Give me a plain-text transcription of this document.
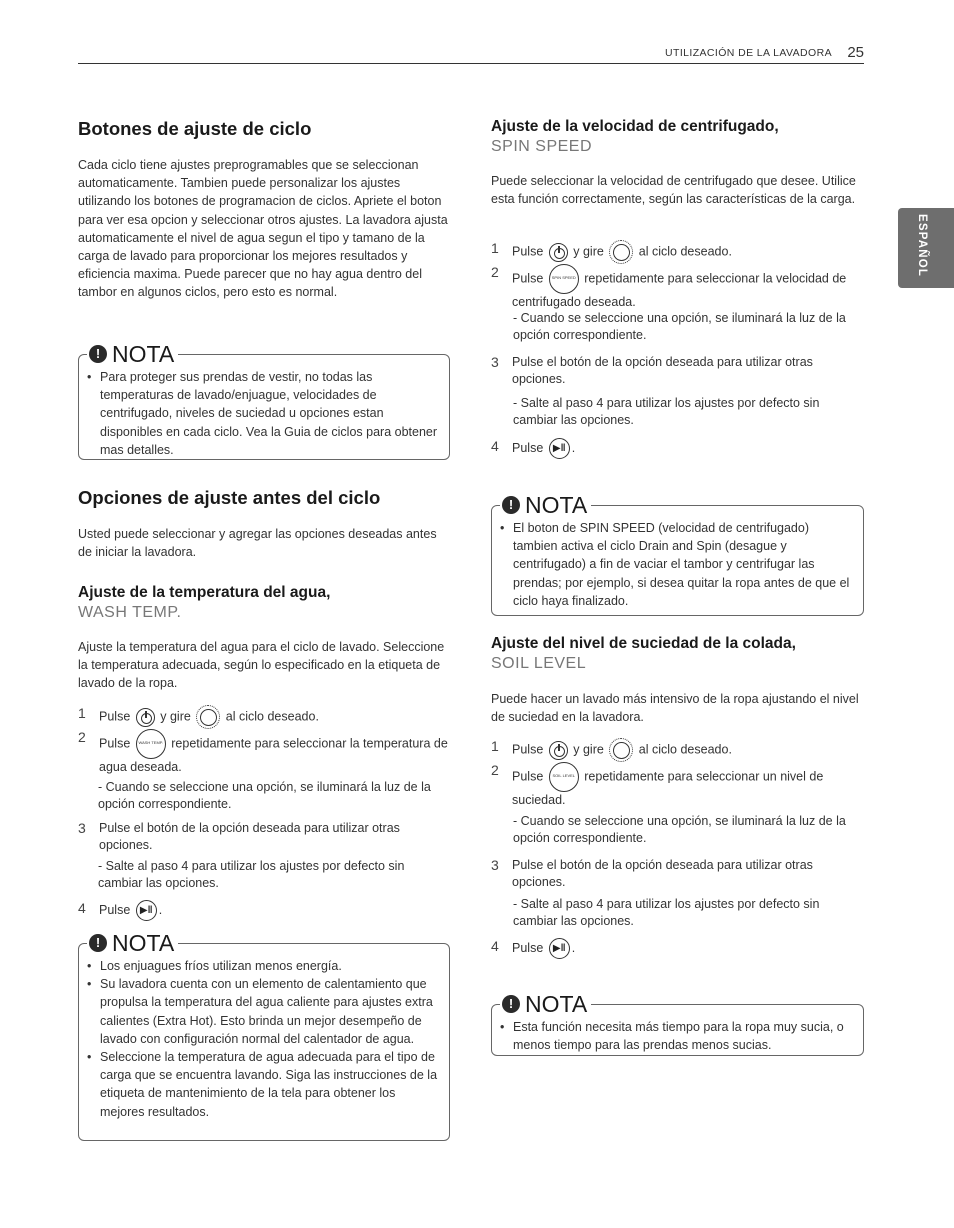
UTILIZACIÓN DE LA LAVADORA 25
ESPAÑOL
Botones de ajuste de ciclo
Cada ciclo tiene ajustes preprogramables que se seleccionan automaticamente. Tambien puede personalizar los ajustes utilizando los botones de programacion de ciclos. Apriete el boton para ver esa opcion y seleccionar otros ajustes. La lavadora ajusta automaticamente el nivel de agua segun el tipo y tamano de la carga de lavado para proporcionar los mejores resultados y eficiencia maxima. Puede parecer que no hay agua dentro del tambor en algunos ciclos, pero esto es normal.
! NOTA
• Para proteger sus prendas de vestir, no todas las temperaturas de lavado/enjuague, velocidades de centrifugado, niveles de suciedad u opciones estan disponibles en cada ciclo. Vea la Guia de ciclos para obtener mas detalles.
Opciones de ajuste antes del ciclo
Usted puede seleccionar y agregar las opciones deseadas antes de iniciar la lavadora.
Ajuste de la temperatura del agua,
WASH TEMP.
Ajuste la temperatura del agua para el ciclo de lavado. Seleccione la temperatura adecuada, según lo especificado en la etiqueta de lavado de la ropa.
1 Pulse y gire	al ciclo deseado.
2 Pulse WASH TEMP. repetidamente para seleccionar la temperatura de agua deseada.
- Cuando se seleccione una opción, se iluminará la luz de la opción correspondiente.
3 Pulse el botón de la opción deseada para utilizar otras opciones.
- Salte al paso 4 para utilizar los ajustes por defecto sin cambiar las opciones.
4 Pulse ▶‖ .
! NOTA
• Los enjuagues fríos utilizan menos energía.
• Su lavadora cuenta con un elemento de calentamiento que propulsa la temperatura del agua caliente para ajustes extra calientes (Extra Hot). Esto brinda un mejor desempeño de lavado con configuración normal del calentador de agua.
• Seleccione la temperatura de agua adecuada para el tipo de carga que se encuentra lavando. Siga las instrucciones de la etiqueta de mantenimiento de la tela para obtener los mejores resultados.
Ajuste de la velocidad de centrifugado,
SPIN SPEED
Puede seleccionar la velocidad de centrifugado que desee. Utilice esta función correctamente, según las características de la carga.
1 Pulse y gire	al ciclo deseado.
2 Pulse SPIN SPEED repetidamente para seleccionar la velocidad de centrifugado deseada.
- Cuando se seleccione una opción, se iluminará la luz de la opción correspondiente.
3 Pulse el botón de la opción deseada para utilizar otras opciones.
- Salte al paso 4 para utilizar los ajustes por defecto sin cambiar las opciones.
4 Pulse ▶‖ .
! NOTA
• El boton de SPIN SPEED (velocidad de centrifugado) tambien activa el ciclo Drain and Spin (desague y centrifugado) a fin de vaciar el tambor y centrifugar las prendas; por ejemplo, si desea quitar la ropa antes de que el ciclo haya finalizado.
Ajuste del nivel de suciedad de la colada,
SOIL LEVEL
Puede hacer un lavado más intensivo de la ropa ajustando el nivel de suciedad en la lavadora.
1 Pulse y gire	al ciclo deseado.
2 Pulse SOIL LEVEL repetidamente para seleccionar un nivel de suciedad.
- Cuando se seleccione una opción, se iluminará la luz de la opción correspondiente.
3 Pulse el botón de la opción deseada para utilizar otras opciones.
- Salte al paso 4 para utilizar los ajustes por defecto sin cambiar las opciones.
4 Pulse ▶‖ .
! NOTA
• Esta función necesita más tiempo para la ropa muy sucia, o menos tiempo para las prendas menos sucias.
